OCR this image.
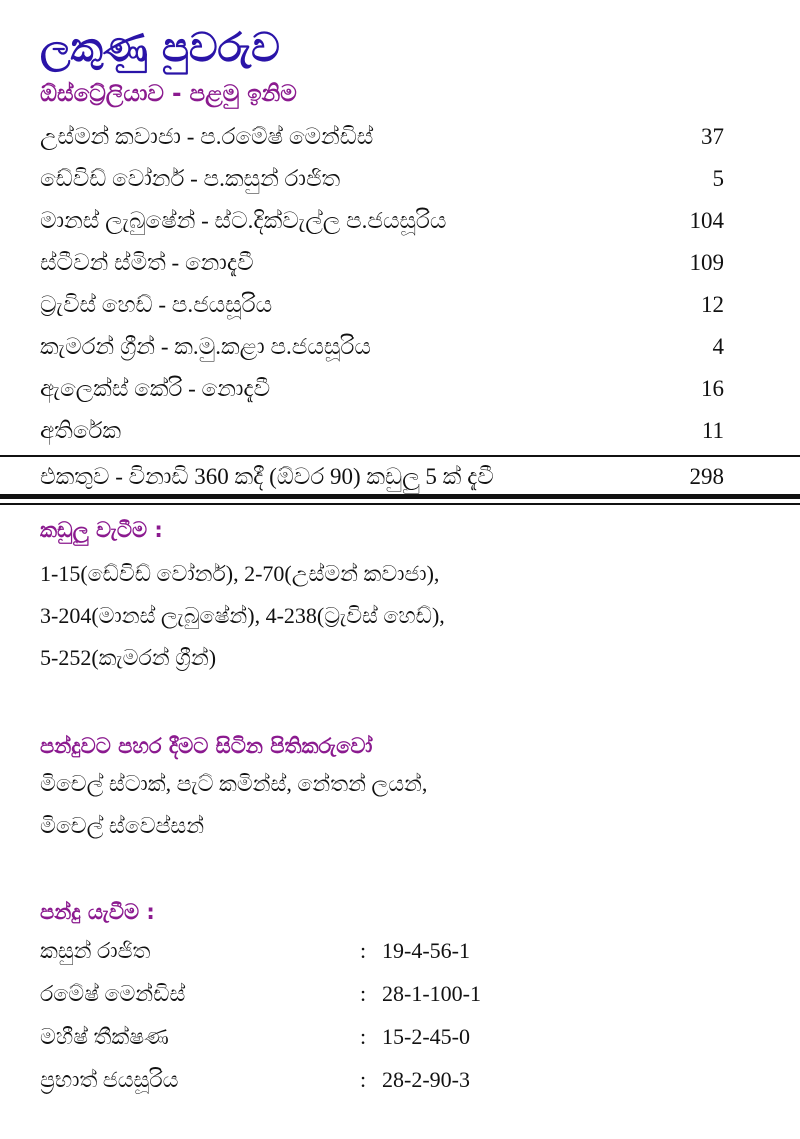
ලකුණු පුවරුව
ඕස්ට්‍රේලියාව - පළමු ඉනිම
උස්මන් කවාජා - ප.රමේෂ් මෙන්ඩිස්	37
ඩේවිඩ් වෝනර් - ප.කසුන් රාජිත	5
මානස් ලැබුෂේන් - ස්ට.දික්වැල්ල ප.ජයසූරිය	104
ස්ටීවන් ස්මිත් - නොදැවී	109
ට්‍රැවිස් හෙඩ් - ප.ජයසූරිය	12
කැමරන් ග්‍රීන් - ක.මු.කළා ප.ජයසූරිය	4
ඇලෙක්ස් කේරි - නොදැවී	16
අතිරේක	11
එකතුව - විනාඩි 360 කදී (ඕවර 90) කඩුලු 5 ක් දැවී	298
කඩුලු වැටීම :
1-15(ඩේවිඩ් වෝනර්), 2-70(උස්මන් කවාජා),
3-204(මානස් ලැබුෂේන්), 4-238(ට්‍රැවිස් හෙඩ්),
5-252(කැමරන් ග්‍රීන්)
පන්දුවට පහර දීමට සිටින පිතිකරුවෝ
මිචෙල් ස්ටාක්, පැට් කමින්ස්, නේතන් ලයන්,
මිචෙල් ස්වෙප්සන්
පන්දු යැවීම :
කසුන් රාජිත	: 19-4-56-1
රමේෂ් මෙන්ඩිස්	: 28-1-100-1
මහීෂ් තීක්ෂණ	: 15-2-45-0
ප්‍රභාත් ජයසූරිය	: 28-2-90-3
